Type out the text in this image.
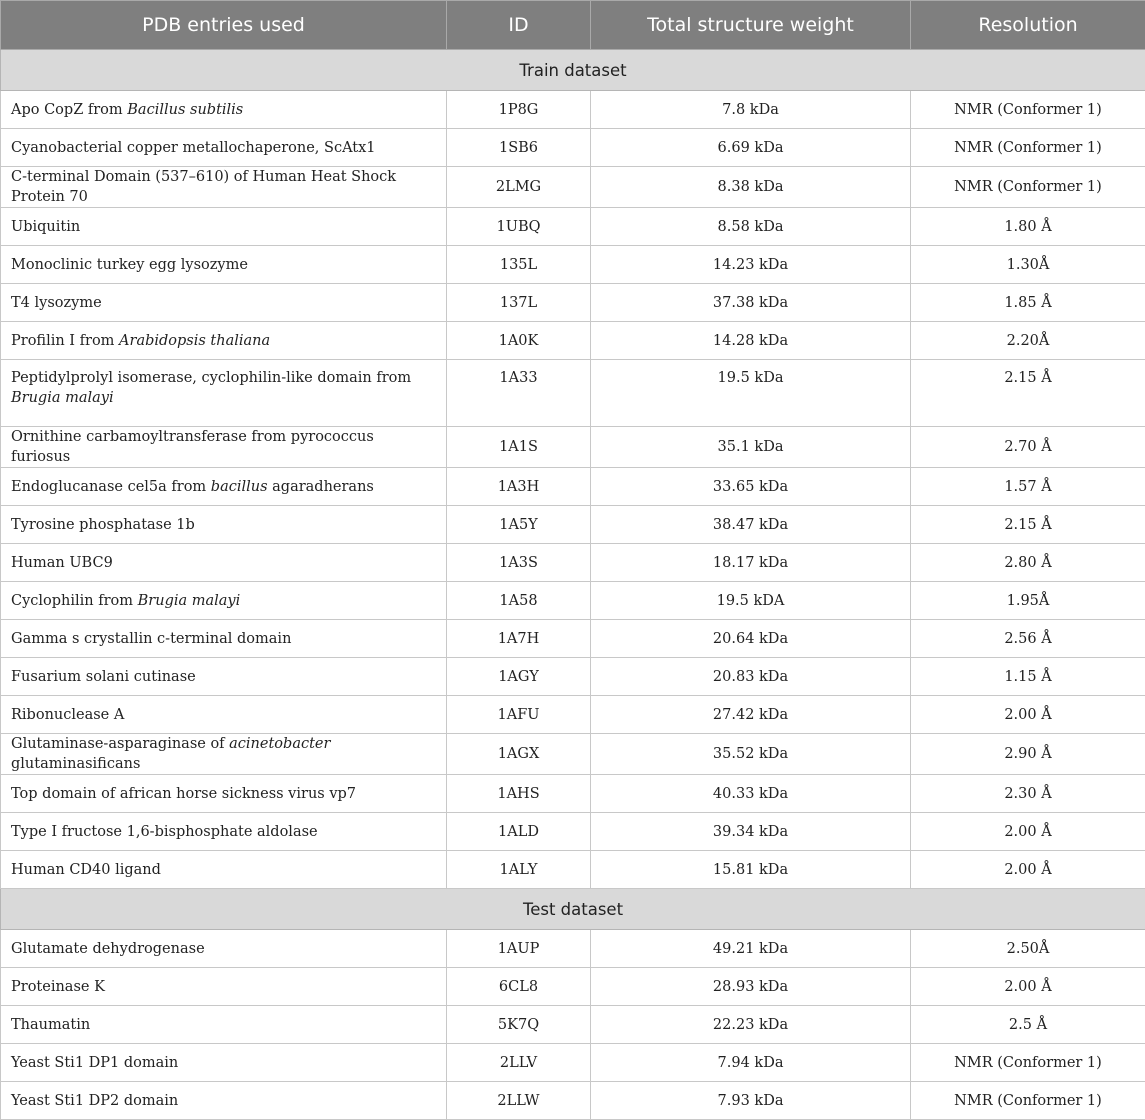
PDB entries used	ID	Total structure weight	Resolution
Train dataset			
Apo CopZ from Bacillus subtilis	1P8G	7.8 kDa	NMR (Conformer 1)
Cyanobacterial copper metallochaperone, ScAtx1	1SB6	6.69 kDa	NMR (Conformer 1)
C-terminal Domain (537–610) of Human Heat Shock Protein 70	2LMG	8.38 kDa	NMR (Conformer 1)
Ubiquitin	1UBQ	8.58 kDa	1.80 Å
Monoclinic turkey egg lysozyme	135L	14.23 kDa	1.30Å
T4 lysozyme	137L	37.38 kDa	1.85 Å
Profilin I from Arabidopsis thaliana	1A0K	14.28 kDa	2.20Å
Peptidylprolyl isomerase, cyclophilin-like domain from Brugia malayi	1A33	19.5 kDa	2.15 Å
Ornithine carbamoyltransferase from pyrococcus furiosus	1A1S	35.1 kDa	2.70 Å
Endoglucanase cel5a from bacillus agaradherans	1A3H	33.65 kDa	1.57 Å
Tyrosine phosphatase 1b	1A5Y	38.47 kDa	2.15 Å
Human UBC9	1A3S	18.17 kDa	2.80 Å
Cyclophilin from Brugia malayi	1A58	19.5 kDA	1.95Å
Gamma s crystallin c-terminal domain	1A7H	20.64 kDa	2.56 Å
Fusarium solani cutinase	1AGY	20.83 kDa	1.15 Å
Ribonuclease A	1AFU	27.42 kDa	2.00 Å
Glutaminase-asparaginase of acinetobacter glutaminasificans	1AGX	35.52 kDa	2.90 Å
Top domain of african horse sickness virus vp7	1AHS	40.33 kDa	2.30 Å
Type I fructose 1,6-bisphosphate aldolase	1ALD	39.34 kDa	2.00 Å
Human CD40 ligand	1ALY	15.81 kDa	2.00 Å
Test dataset			
Glutamate dehydrogenase	1AUP	49.21 kDa	2.50Å
Proteinase K	6CL8	28.93 kDa	2.00 Å
Thaumatin	5K7Q	22.23 kDa	2.5 Å
Yeast Sti1 DP1 domain	2LLV	7.94 kDa	NMR (Conformer 1)
Yeast Sti1 DP2 domain	2LLW	7.93 kDa	NMR (Conformer 1)
